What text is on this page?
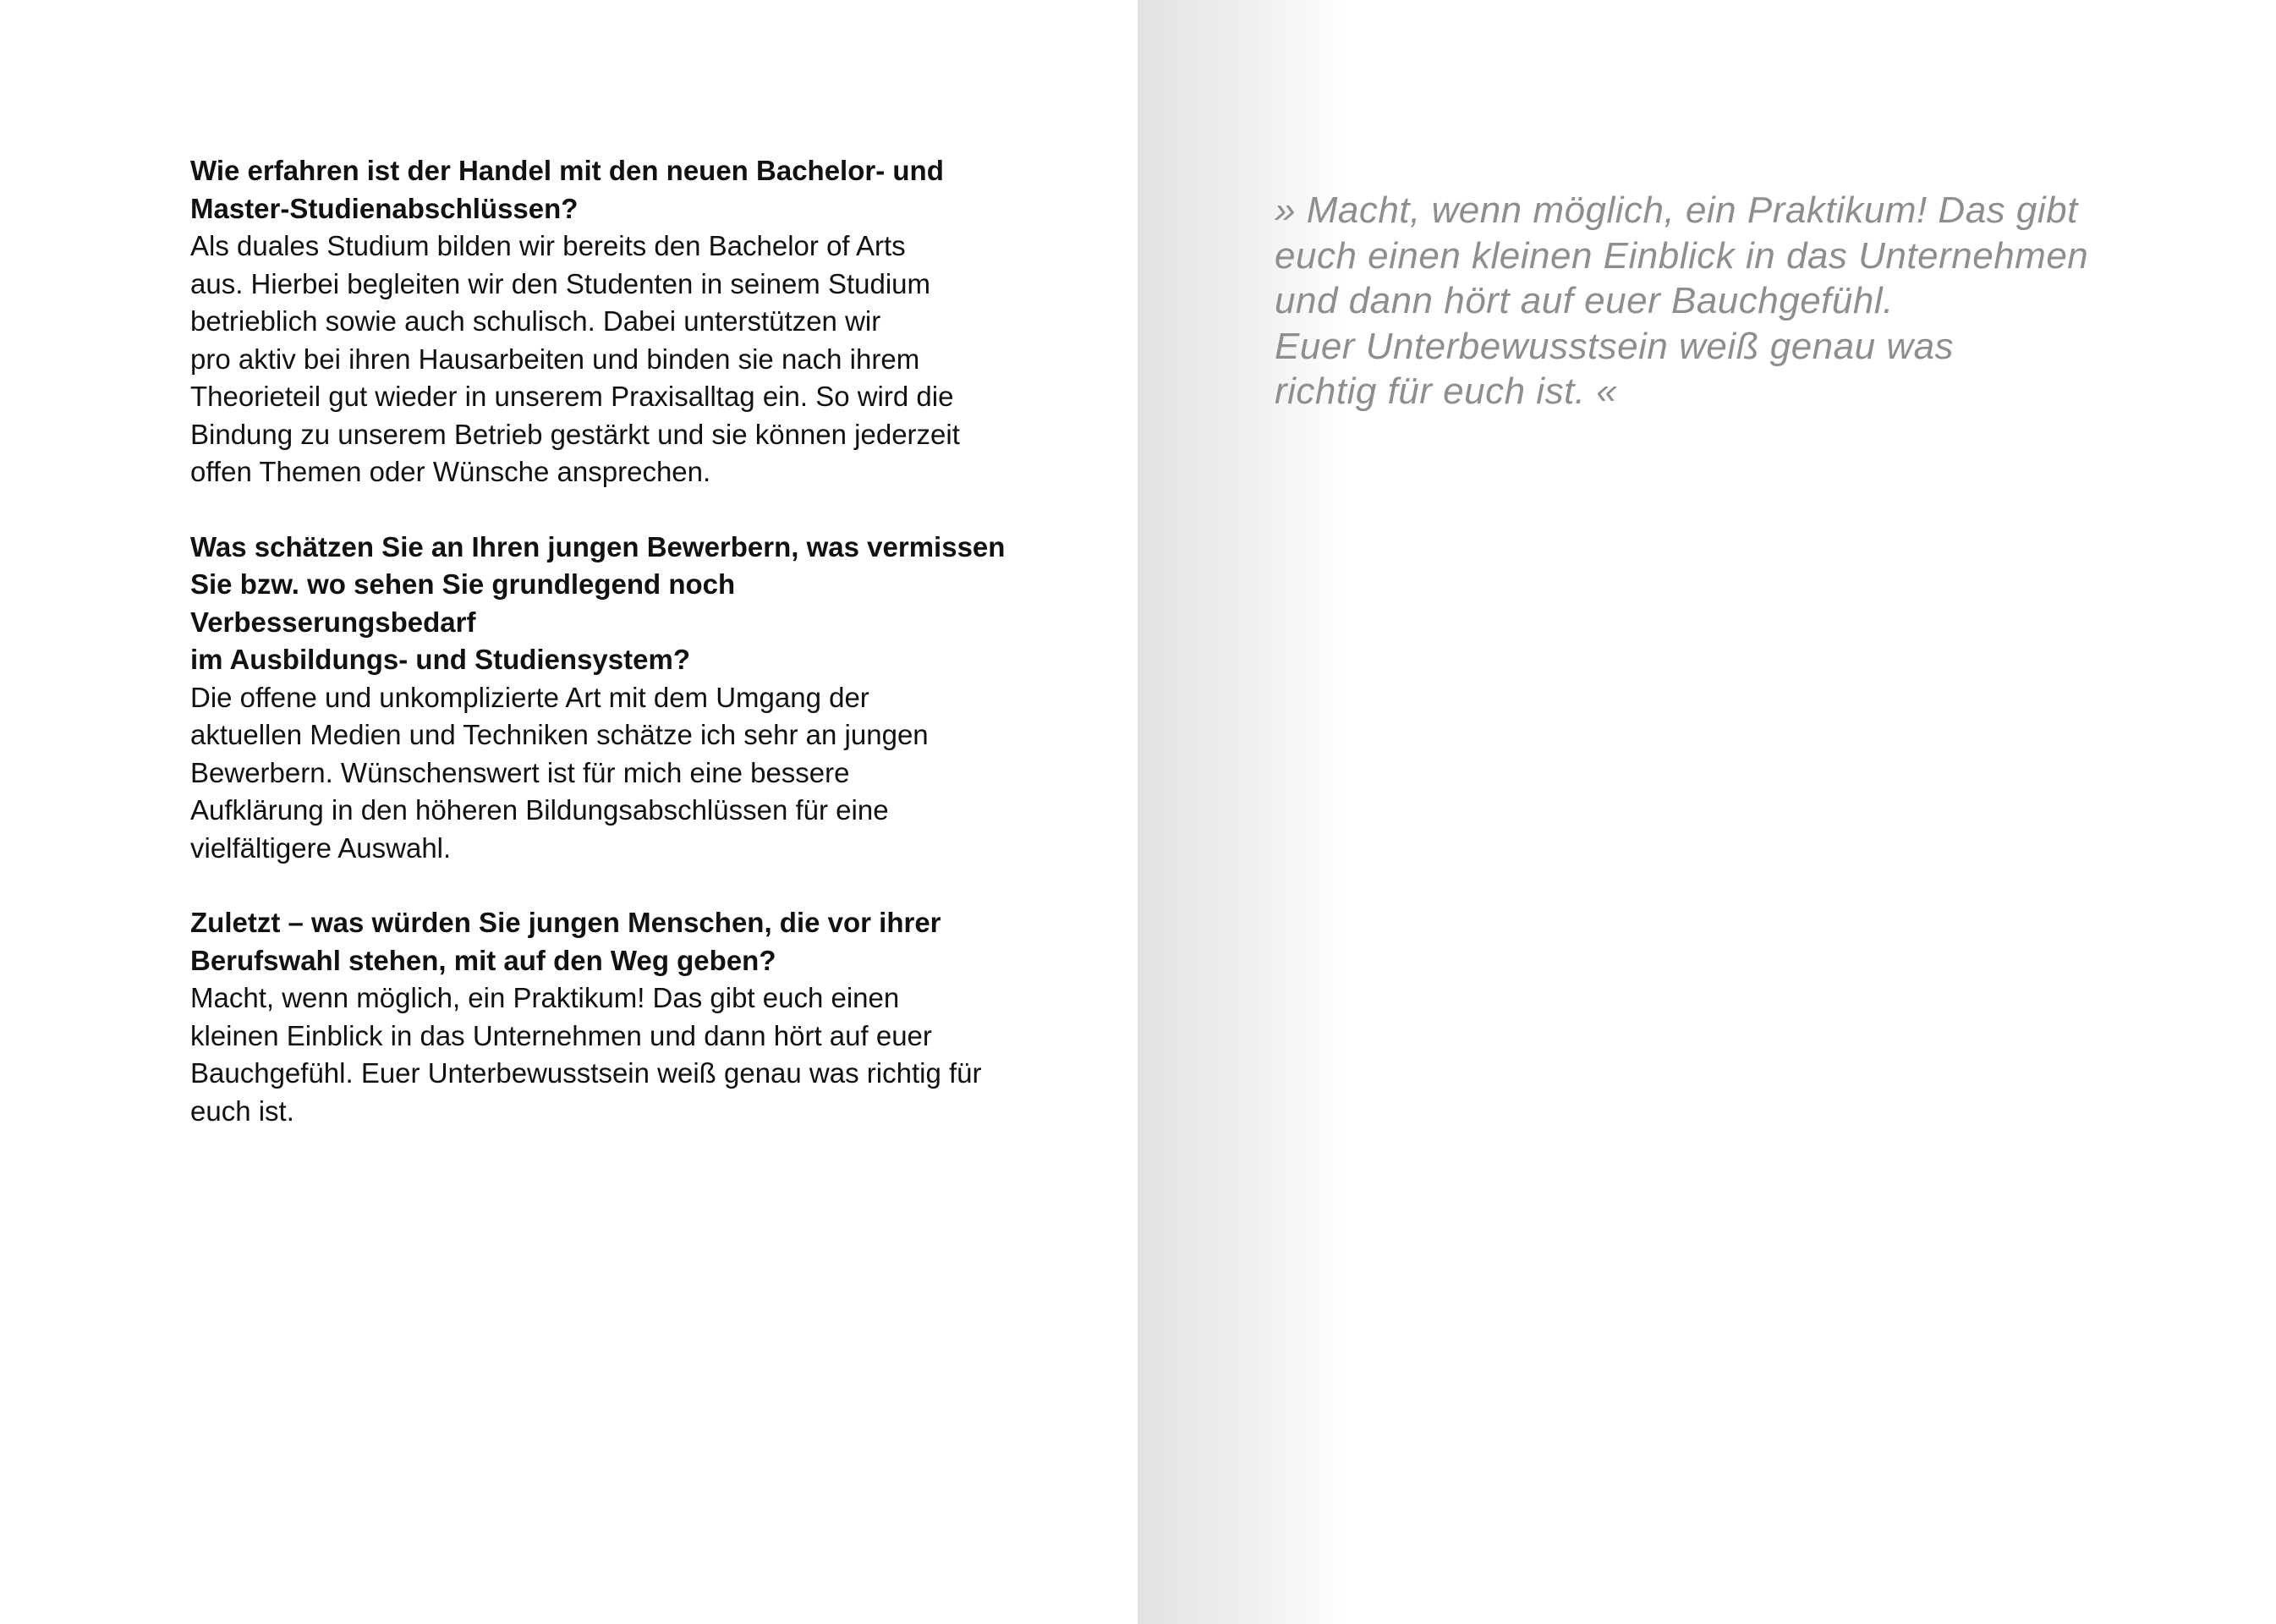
Wie erfahren ist der Handel mit den neuen Bachelor- und
Master-Studienabschlüssen?
Als duales Studium bilden wir bereits den Bachelor of Arts
aus. Hierbei begleiten wir den Studenten in seinem Studium
betrieblich sowie auch schulisch. Dabei unterstützen wir
pro aktiv bei ihren Hausarbeiten und binden sie nach ihrem
Theorieteil gut wieder in unserem Praxisalltag ein. So wird die
Bindung zu unserem Betrieb gestärkt und sie können jederzeit
offen Themen oder Wünsche ansprechen.
Was schätzen Sie an Ihren jungen Bewerbern, was vermissen
Sie bzw. wo sehen Sie grundlegend noch Verbesserungsbedarf
im Ausbildungs- und Studiensystem?
Die offene und unkomplizierte Art mit dem Umgang der
aktuellen Medien und Techniken schätze ich sehr an jungen
Bewerbern. Wünschenswert ist für mich eine bessere
Aufklärung in den höheren Bildungsabschlüssen für eine
vielfältigere Auswahl.
Zuletzt – was würden Sie jungen Menschen, die vor ihrer
Berufswahl stehen, mit auf den Weg geben?
Macht, wenn möglich, ein Praktikum! Das gibt euch einen
kleinen Einblick in das Unternehmen und dann hört auf euer
Bauchgefühl. Euer Unterbewusstsein weiß genau was richtig für
euch ist.
» Macht, wenn möglich, ein Praktikum! Das gibt
euch einen kleinen Einblick in das Unternehmen
und dann hört auf euer Bauchgefühl.
Euer Unterbewusstsein weiß genau was
richtig für euch ist. «
